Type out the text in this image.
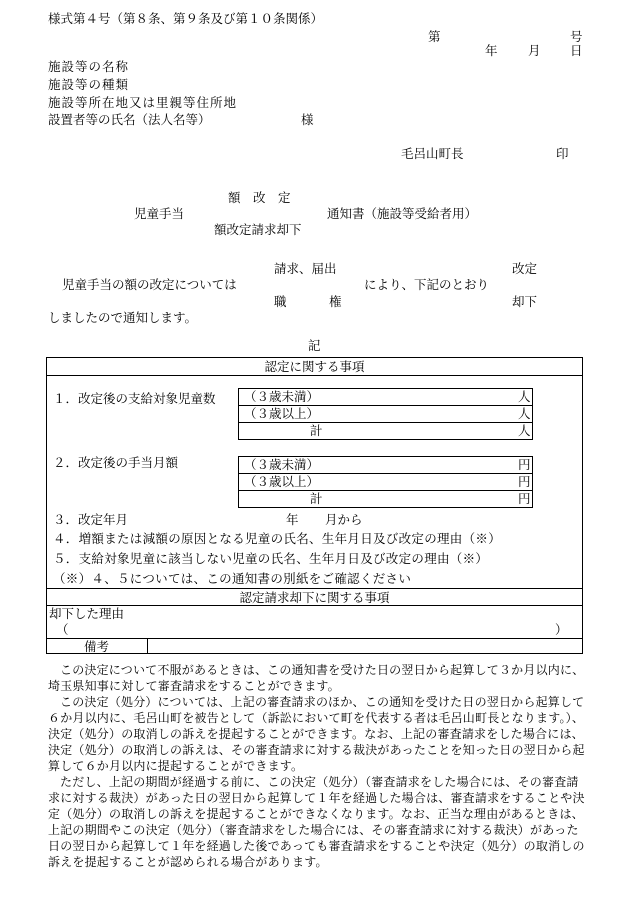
様式第４号（第８条、第９条及び第１０条関係）
第	号
年 月 日
施設等の名称
施設等の種類
施設等所在地又は里親等住所地
設置者等の氏名（法人名等）	様
毛呂山町長	印
額　改　定
児童手当	通知書（施設等受給者用）
額改定請求却下
請求、届出	改定
児童手当の額の改定については	により、下記のとおり
職	権	却下
しましたので通知します。
記
認定に関する事項
１．改定後の支給対象児童数 （３歳未満）	人
（３歳以上）	人
計	人
２．改定後の手当月額	（３歳未満）	円
（３歳以上）	円
計	円
３．改定年月	年 月から
４．増額または減額の原因となる児童の氏名、生年月日及び改定の理由（※）
５．支給対象児童に該当しない児童の氏名、生年月日及び改定の理由（※）
（※）４、５については、この通知書の別紙をご確認ください
認定請求却下に関する事項
却下した理由
（	）
備考

この決定について不服があるときは、この通知書を受けた日の翌日から起算して３か月以内に、埼玉県知事に対して審査請求をすることができます。

この決定（処分）については、上記の審査請求のほか、この通知を受けた日の翌日から起算して６か月以内に、毛呂山町を被告として（訴訟において町を代表する者は毛呂山町長となります。）、決定（処分）の取消しの訴えを提起することができます。なお、上記の審査請求をした場合には、決定（処分）の取消しの訴えは、その審査請求に対する裁決があったことを知った日の翌日から起算して６か月以内に提起することができます。

ただし、上記の期間が経過する前に、この決定（処分）（審査請求をした場合には、その審査請求に対する裁決）があった日の翌日から起算して１年を経過した場合は、審査請求をすることや決定（処分）の取消しの訴えを提起することができなくなります。なお、正当な理由があるときは、上記の期間やこの決定（処分）（審査請求をした場合には、その審査請求に対する裁決）があった日の翌日から起算して１年を経過した後であっても審査請求をすることや決定（処分）の取消しの訴えを提起することが認められる場合があります。
